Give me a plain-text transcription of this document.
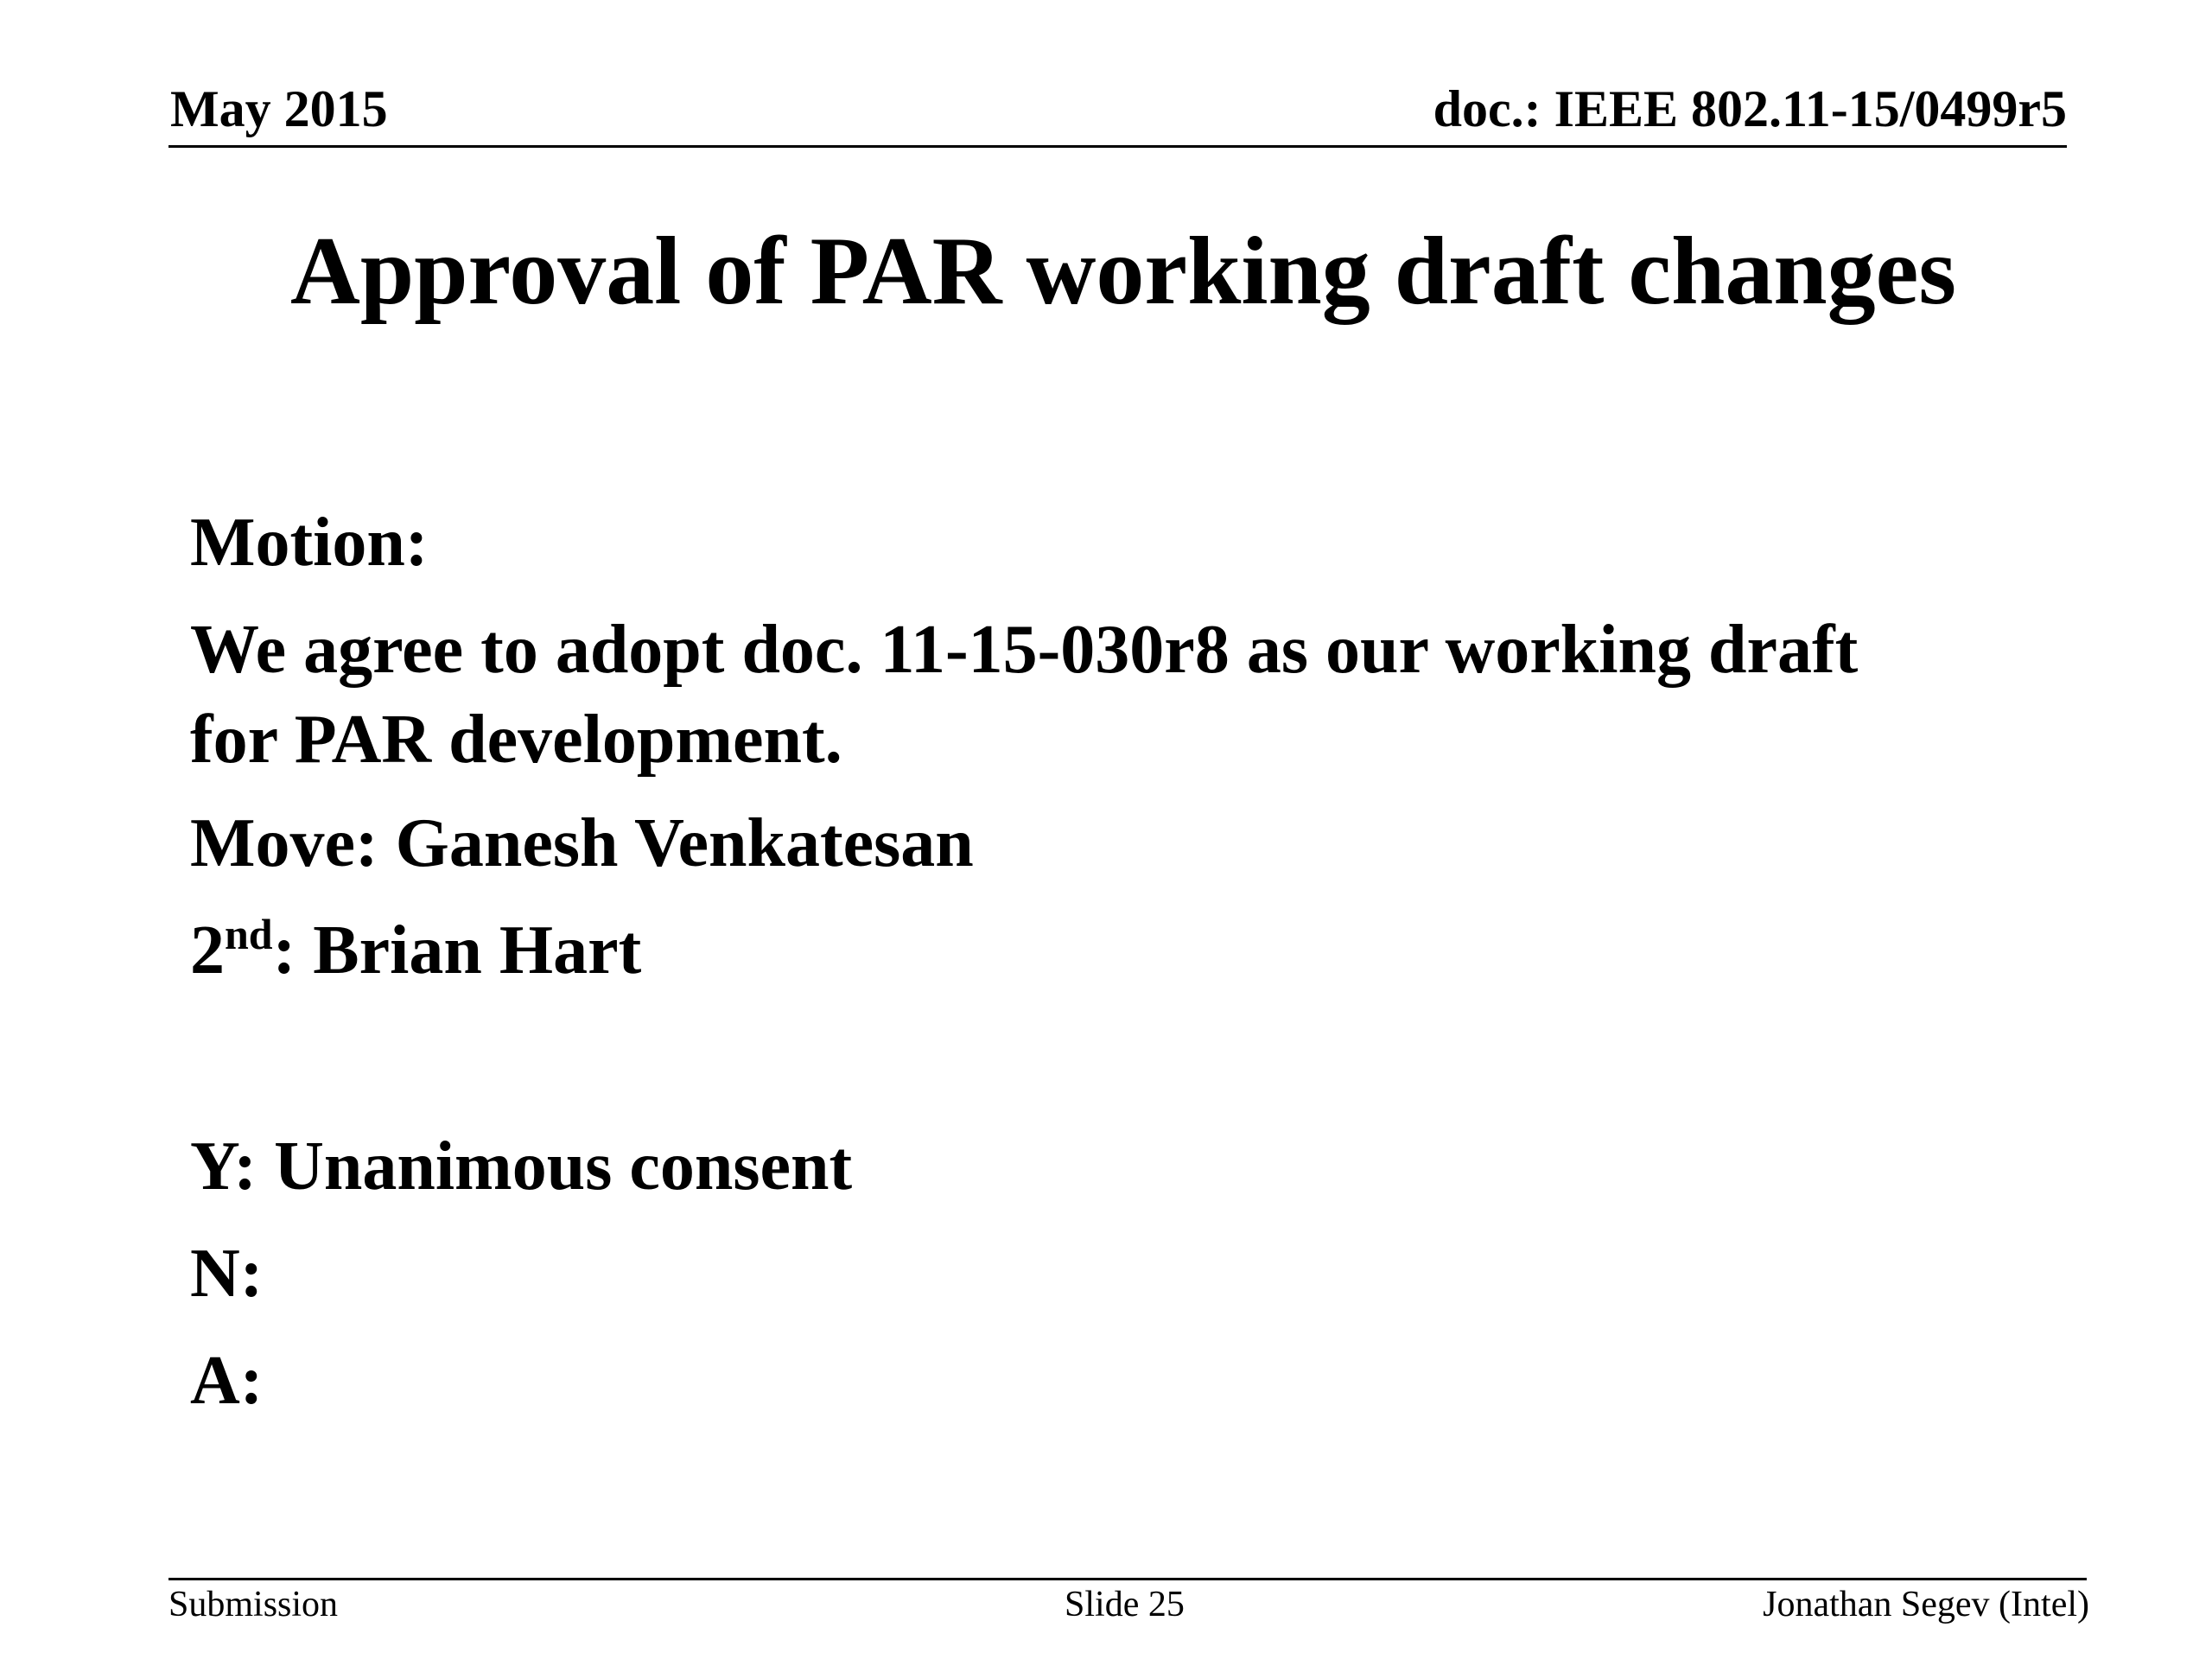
May 2015	doc.: IEEE 802.11-15/0499r5
Approval of PAR working draft changes
Motion:
We agree to adopt doc. 11-15-030r8 as our working draft
for PAR development.
Move: Ganesh Venkatesan
2nd: Brian Hart
Y: Unanimous consent
N:
A:
Submission	Slide 25	Jonathan Segev (Intel)
